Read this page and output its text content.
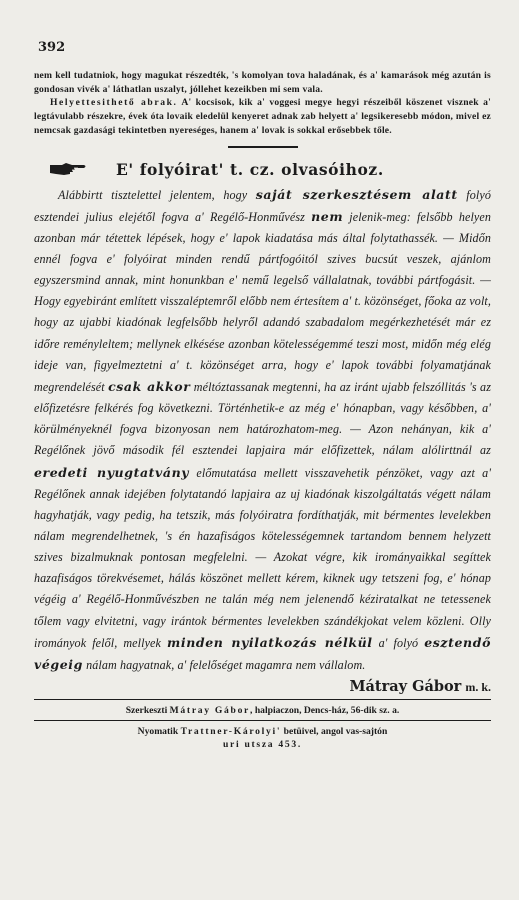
392

nem kell tudatniok, hogy magukat részedték, 's komolyan tova haladának, és a' kamarások még azután is gondosan vivék a' láthatlan uszalyt, jóllehet kezeikben mi sem vala.

Helyettesithető abrak. A' kocsisok, kik a' voggesi megye hegyi részeiből köszenet visznek a' legtávulabb részekre, évek óta lovaik eledelül kenyeret adnak zab helyett a' legsikeresebb módon, mivel ez nemcsak gazdasági tekintetben nyereséges, hanem a' lovak is sokkal erősebbek tőle.

E' folyóirat' t. cz. olvasóihoz.

Alábbirtt tisztelettel jelentem, hogy saját szerkesztésem alatt folyó esztendei julius elejétől fogva a' Regélő-Honművész nem jelenik-meg: felsőbb helyen azonban már tétettek lépések, hogy e' lapok kiadatása más által folytathassék. — Midőn ennél fogva e' folyóirat minden rendű pártfogóitól szives bucsút veszek, ajánlom egyszersmind annak, mint honunkban e' nemű legelső vállalatnak, további pártfogásit. — Hogy egyebiránt említett visszaléptemről előbb nem értesítem a' t. közönséget, főoka az volt, hogy az ujabbi kiadónak legfelsőbb helyről adandó szabadalom megérkezhetését már ez időre reményleltem; mellynek elkésése azonban kötelességemmé teszi most, midőn még elég ideje van, figyelmeztetni a' t. közönséget arra, hogy e' lapok további folyamatjának megrendelését csak akkor méltóztassanak megtenni, ha az iránt ujabb felszóllitás 's az előfizetésre felkérés fog következni. Történhetik-e az még e' hónapban, vagy későbben, a' körülményeknél fogva bizonyosan nem határozhatom-meg. — Azon nehányan, kik a' Regélőnek jövő második fél esztendei lapjaira már előfizettek, nálam alólirttnál az eredeti nyugtatvány előmutatása mellett visszavehetik pénzöket, vagy azt a' Regélőnek annak idejében folytatandó lapjaira az uj kiadónak kiszolgáltatás végett nálam hagyhatják, vagy pedig, ha tetszik, más folyóiratra fordíthatják, mit bérmentes levelekben nálam megrendelhetnek, 's én hazafiságos kötelességemnek tartandom bennem helyzett szives bizalmuknak pontosan megfelelni. — Azokat végre, kik irományaikkal segíttek hazafiságos törekvésemet, hálás köszönet mellett kérem, kiknek ugy tetszeni fog, e' hónap végéig a' Regélő-Honművészben ne talán még nem jelenendő kéziratalkat ne tetessenek tőlem vagy elvitetni, vagy irántok bérmentes levelekben szándékjokat velem közleni. Olly irományok felől, mellyek minden nyilatkozás nélkül a' folyó esztendő végeig nálam hagyatnak, a' felelőséget magamra nem vállalom.

Mátray Gábor m. k.

Szerkeszti Mátray Gábor, halpiaczon, Dencs-ház, 56-dik sz. a.

Nyomatik Trattner-Károlyi' betüivel, angol vas-sajtón

uri utsza 453.
